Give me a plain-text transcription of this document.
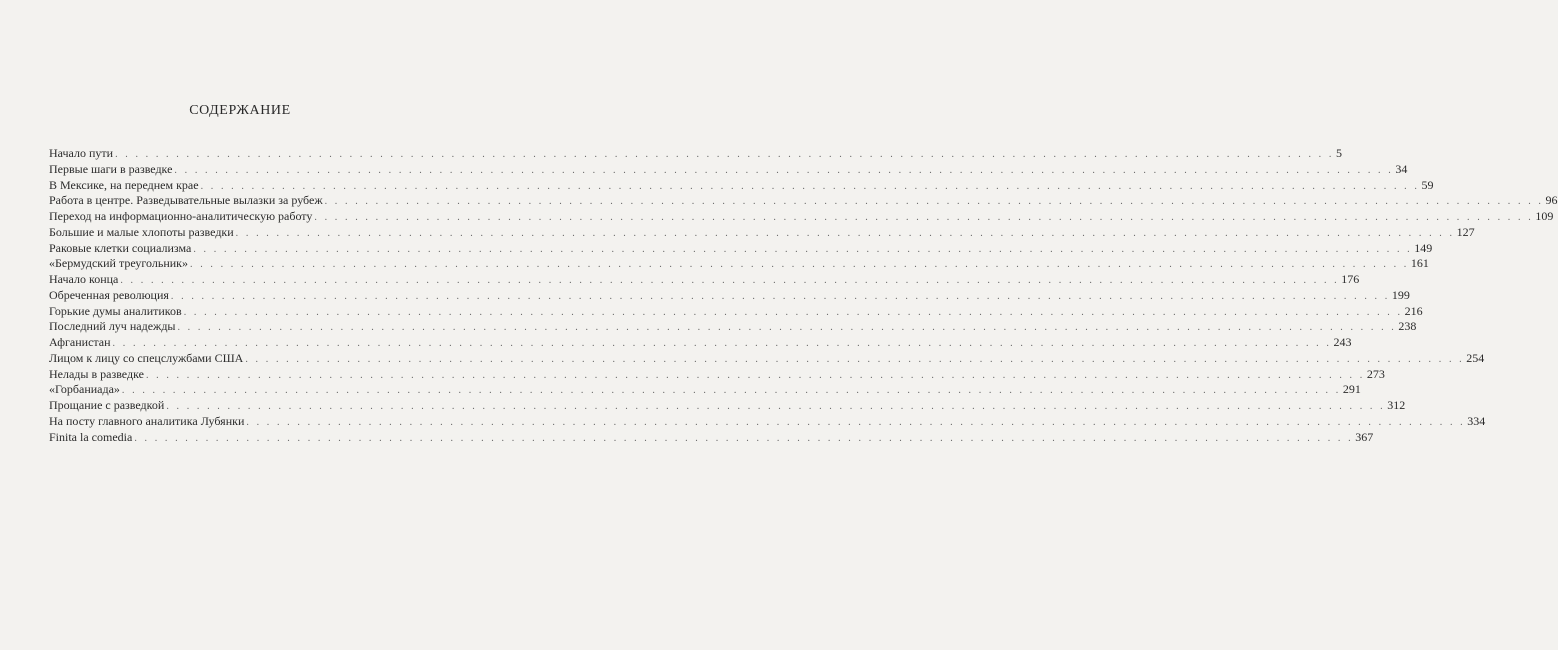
СОДЕРЖАНИЕ
Начало пути . . . . . . . . . . . . . . . . . . . . . . . . . . . . . . . . . . . . . . . . . . . . . . . . . . . . . . . . . . . . . . . . . . . . . . . . . . . . . . . . . . . . . . . . . . . . . . . . . . . . . . . . . . . . . . . . . . . . . . . . 5
Первые шаги в разведке . . . . . . . . . . . . . . . . . . . . . . . . . . . . . . . . . . . . . . . . . . . . . . . . . . . . . . . . . . . . . . . . . . . . . . . . . . . . . . . . . . . . . . . . . . . . . . . . . . . . . . . . . . . . . . . . . . . . . . . . 34
В Мексике, на переднем крае . . . . . . . . . . . . . . . . . . . . . . . . . . . . . . . . . . . . . . . . . . . . . . . . . . . . . . . . . . . . . . . . . . . . . . . . . . . . . . . . . . . . . . . . . . . . . . . . . . . . . . . . . . . . . . . . . . . . . . . . 59
Работа в центре. Разведывательные вылазки за рубеж . . . . . . . . . . . . . . . . . . . . . . . . . . . . . . . . . . . . . . . . . . . . . . . . . . . . . . . . . . . . . . . . . . . . . . . . . . . . . . . . . . . . . . . . . . . . . . . . . . . . . . . . . . . . . . . . . . . . . . . . 96
Переход на информационно-аналитическую работу . . . . . . . . . . . . . . . . . . . . . . . . . . . . . . . . . . . . . . . . . . . . . . . . . . . . . . . . . . . . . . . . . . . . . . . . . . . . . . . . . . . . . . . . . . . . . . . . . . . . . . . . . . . . . . . . . . . . . . . . 109
Большие и малые хлопоты разведки . . . . . . . . . . . . . . . . . . . . . . . . . . . . . . . . . . . . . . . . . . . . . . . . . . . . . . . . . . . . . . . . . . . . . . . . . . . . . . . . . . . . . . . . . . . . . . . . . . . . . . . . . . . . . . . . . . . . . . . . 127
Раковые клетки социализма . . . . . . . . . . . . . . . . . . . . . . . . . . . . . . . . . . . . . . . . . . . . . . . . . . . . . . . . . . . . . . . . . . . . . . . . . . . . . . . . . . . . . . . . . . . . . . . . . . . . . . . . . . . . . . . . . . . . . . . . 149
«Бермудский треугольник» . . . . . . . . . . . . . . . . . . . . . . . . . . . . . . . . . . . . . . . . . . . . . . . . . . . . . . . . . . . . . . . . . . . . . . . . . . . . . . . . . . . . . . . . . . . . . . . . . . . . . . . . . . . . . . . . . . . . . . . . 161
Начало конца . . . . . . . . . . . . . . . . . . . . . . . . . . . . . . . . . . . . . . . . . . . . . . . . . . . . . . . . . . . . . . . . . . . . . . . . . . . . . . . . . . . . . . . . . . . . . . . . . . . . . . . . . . . . . . . . . . . . . . . . 176
Обреченная революция . . . . . . . . . . . . . . . . . . . . . . . . . . . . . . . . . . . . . . . . . . . . . . . . . . . . . . . . . . . . . . . . . . . . . . . . . . . . . . . . . . . . . . . . . . . . . . . . . . . . . . . . . . . . . . . . . . . . . . . . 199
Горькие думы аналитиков . . . . . . . . . . . . . . . . . . . . . . . . . . . . . . . . . . . . . . . . . . . . . . . . . . . . . . . . . . . . . . . . . . . . . . . . . . . . . . . . . . . . . . . . . . . . . . . . . . . . . . . . . . . . . . . . . . . . . . . . 216
Последний луч надежды . . . . . . . . . . . . . . . . . . . . . . . . . . . . . . . . . . . . . . . . . . . . . . . . . . . . . . . . . . . . . . . . . . . . . . . . . . . . . . . . . . . . . . . . . . . . . . . . . . . . . . . . . . . . . . . . . . . . . . . . 238
Афганистан . . . . . . . . . . . . . . . . . . . . . . . . . . . . . . . . . . . . . . . . . . . . . . . . . . . . . . . . . . . . . . . . . . . . . . . . . . . . . . . . . . . . . . . . . . . . . . . . . . . . . . . . . . . . . . . . . . . . . . . . 243
Лицом к лицу со спецслужбами США . . . . . . . . . . . . . . . . . . . . . . . . . . . . . . . . . . . . . . . . . . . . . . . . . . . . . . . . . . . . . . . . . . . . . . . . . . . . . . . . . . . . . . . . . . . . . . . . . . . . . . . . . . . . . . . . . . . . . . . . 254
Нелады в разведке . . . . . . . . . . . . . . . . . . . . . . . . . . . . . . . . . . . . . . . . . . . . . . . . . . . . . . . . . . . . . . . . . . . . . . . . . . . . . . . . . . . . . . . . . . . . . . . . . . . . . . . . . . . . . . . . . . . . . . . . 273
«Горбаниада» . . . . . . . . . . . . . . . . . . . . . . . . . . . . . . . . . . . . . . . . . . . . . . . . . . . . . . . . . . . . . . . . . . . . . . . . . . . . . . . . . . . . . . . . . . . . . . . . . . . . . . . . . . . . . . . . . . . . . . . . 291
Прощание с разведкой . . . . . . . . . . . . . . . . . . . . . . . . . . . . . . . . . . . . . . . . . . . . . . . . . . . . . . . . . . . . . . . . . . . . . . . . . . . . . . . . . . . . . . . . . . . . . . . . . . . . . . . . . . . . . . . . . . . . . . . . 312
На посту главного аналитика Лубянки . . . . . . . . . . . . . . . . . . . . . . . . . . . . . . . . . . . . . . . . . . . . . . . . . . . . . . . . . . . . . . . . . . . . . . . . . . . . . . . . . . . . . . . . . . . . . . . . . . . . . . . . . . . . . . . . . . . . . . . . 334
Finita la comedia . . . . . . . . . . . . . . . . . . . . . . . . . . . . . . . . . . . . . . . . . . . . . . . . . . . . . . . . . . . . . . . . . . . . . . . . . . . . . . . . . . . . . . . . . . . . . . . . . . . . . . . . . . . . . . . . . . . . . . . . 367
